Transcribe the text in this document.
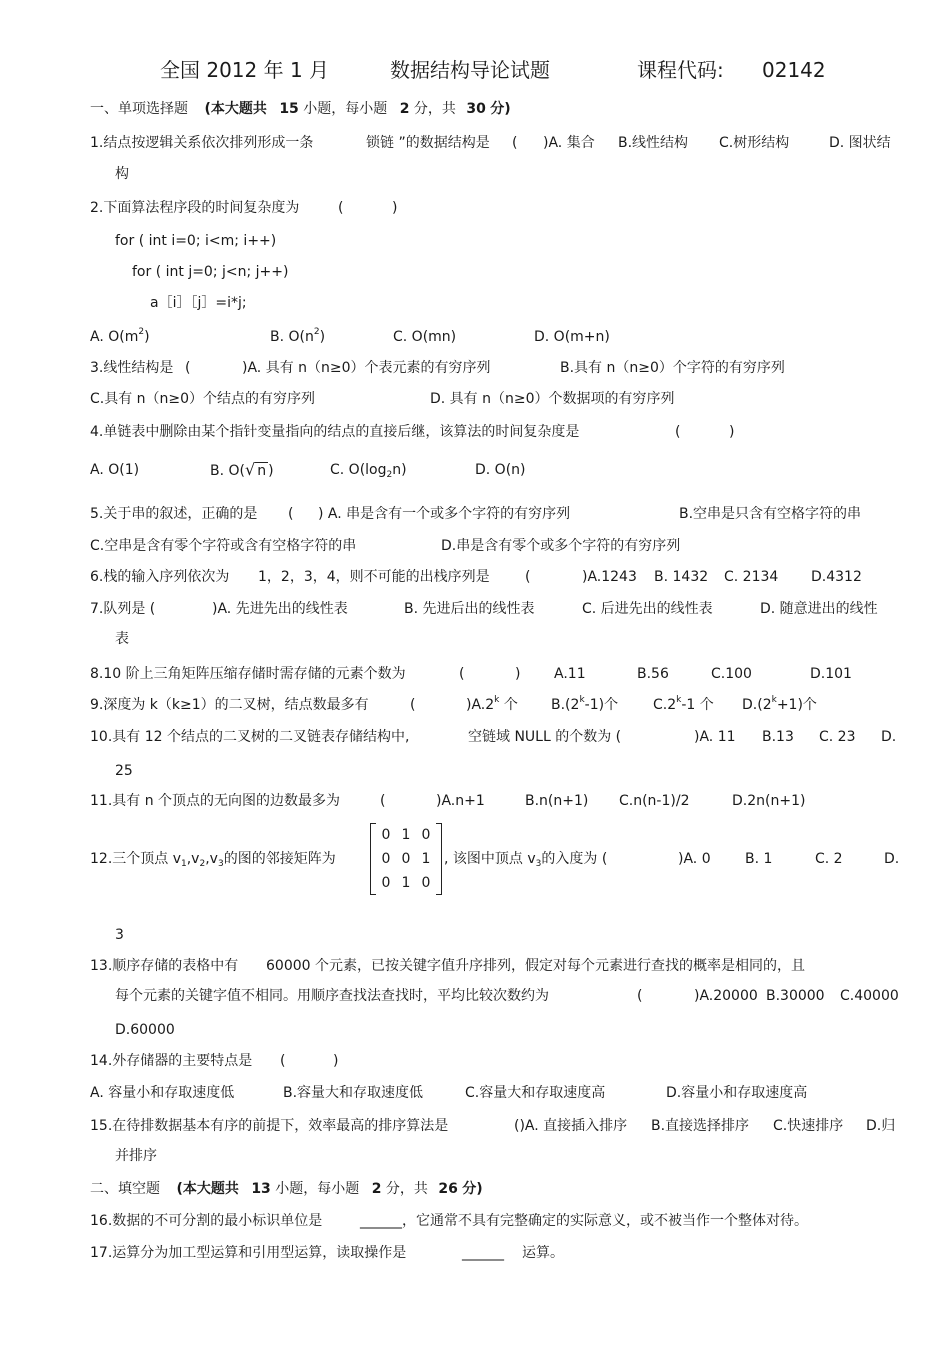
全国 2012 年 1 月	数据结构导论试题	课程代码: 02142
一、单项选择题 (本大题共 15 小题，每小题 2 分，共 30 分)
1.结点按逻辑关系依次排列形成一条	锁链 ”的数据结构是 ( )A. 集合 B.线性结构 C.树形结构	D. 图状结
构
2.下面算法程序段的时间复杂度为	(	)
for ( int i=0; i<m; i++)
for ( int j=0; j<n; j++)
a［i］［j］=i*j;
A. $O(m^2)$	B. $O(n^2)$	C. O(mn)	D. O(m+n)
3.线性结构是 (	)A. 具有 n（n≥0）个表元素的有穷序列	B.具有 n（n≥0）个字符的有穷序列
C.具有 n（n≥0）个结点的有穷序列	D. 具有 n（n≥0）个数据项的有穷序列
4.单链表中删除由某个指针变量指向的结点的直接后继，该算法的时间复杂度是	(	)
A. O(1)	B. O(√ n )	C. $O(\log_2n)$	D. O(n)
5.关于串的叙述，正确的是 ( ) A. 串是含有一个或多个字符的有穷序列	B.空串是只含有空格字符的串
C.空串是含有零个字符或含有空格字符的串	D.串是含有零个或多个字符的有穷序列
6.栈的输入序列依次为 1，2，3，4，则不可能的出栈序列是	(	)A.1243 B. 1432 C. 2134 D.4312
7.队列是 (	)A. 先进先出的线性表	B. 先进后出的线性表	C. 后进先出的线性表	D. 随意进出的线性
表
8.10 阶上三角矩阵压缩存储时需存储的元素个数为	(	) A.11	B.56	C.100	D.101
9.深度为 k（k≥1）的二叉树，结点数最多有	(	)A.2$^k$ 个 B.(2$^k$-1)个 C.2$^k$-1 个 $D.(2^k+1)$个
10.具有 12 个结点的二叉树的二叉链表存储结构中,	空链域 NULL 的个数为 (	)A. 11 B.13 C. 23 D.
25
11.具有 n 个顶点的无向图的边数最多为	(	)A.n+1	B.n(n+1) C.n(n-1)/2	D.2n(n+1)
12.三个顶点 $v_1,v_2,v_3$的图的邻接矩阵为
0 1 0
0 0 1
0 1 0
, 该图中顶点 $v_3$的入度为 (	)A. 0 B. 1	C. 2	D.
3
13.顺序存储的表格中有 60000 个元素，已按关键字值升序排列，假定对每个元素进行查找的概率是相同的，且
每个元素的关键字值不相同。用顺序查找法查找时，平均比较次数约为	(	)A.20000 B.30000 C.40000
D.60000
14.外存储器的主要特点是 (	)
A. 容量小和存取速度低	B.容量大和存取速度低	C.容量大和存取速度高	D.容量小和存取速度高
15.在待排数据基本有序的前提下，效率最高的排序算法是	()A. 直接插入排序 B.直接选择排序 C.快速排序 D.归
并排序
二、填空题 (本大题共 13 小题，每小题 2 分，共 26 分)
16.数据的不可分割的最小标识单位是	______，它通常不具有完整确定的实际意义，或不被当作一个整体对待。
17.运算分为加工型运算和引用型运算，读取操作是	______ 运算。
